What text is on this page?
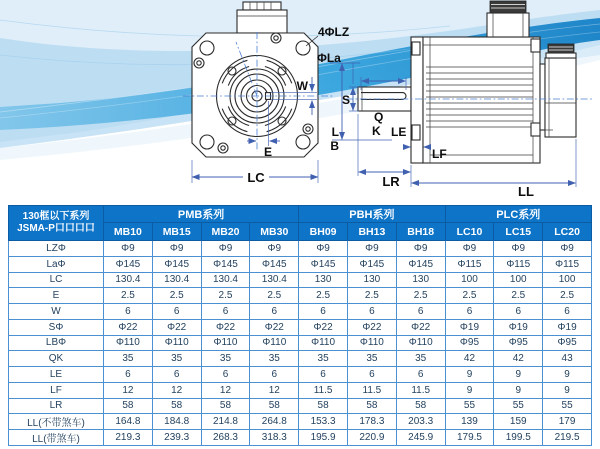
4ΦLZ
ΦLa
W
E
LC
S
Q
K LE
L
B
LF
LR
LL
130框以下系列
JSMA-P口口口口	PMB系列				PBH系列			PLC系列		
	MB10	MB15	MB20	MB30	BH09	BH13	BH18	LC10	LC15	LC20
LZΦ	Φ9	Φ9	Φ9	Φ9	Φ9	Φ9	Φ9	Φ9	Φ9	Φ9
LaΦ	Φ145	Φ145	Φ145	Φ145	Φ145	Φ145	Φ145	Φ115	Φ115	Φ115
LC	130.4	130.4	130.4	130.4	130	130	130	100	100	100
E	2.5	2.5	2.5	2.5	2.5	2.5	2.5	2.5	2.5	2.5
W	6	6	6	6	6	6	6	6	6	6
SΦ	Φ22	Φ22	Φ22	Φ22	Φ22	Φ22	Φ22	Φ19	Φ19	Φ19
LBΦ	Φ110	Φ110	Φ110	Φ110	Φ110	Φ110	Φ110	Φ95	Φ95	Φ95
QK	35	35	35	35	35	35	35	42	42	43
LE	6	6	6	6	6	6	6	9	9	9
LF	12	12	12	12	11.5	11.5	11.5	9	9	9
LR	58	58	58	58	58	58	58	55	55	55
LL(不带煞车)	164.8	184.8	214.8	264.8	153.3	178.3	203.3	139	159	179
LL(带煞车)	219.3	239.3	268.3	318.3	195.9	220.9	245.9	179.5	199.5	219.5
